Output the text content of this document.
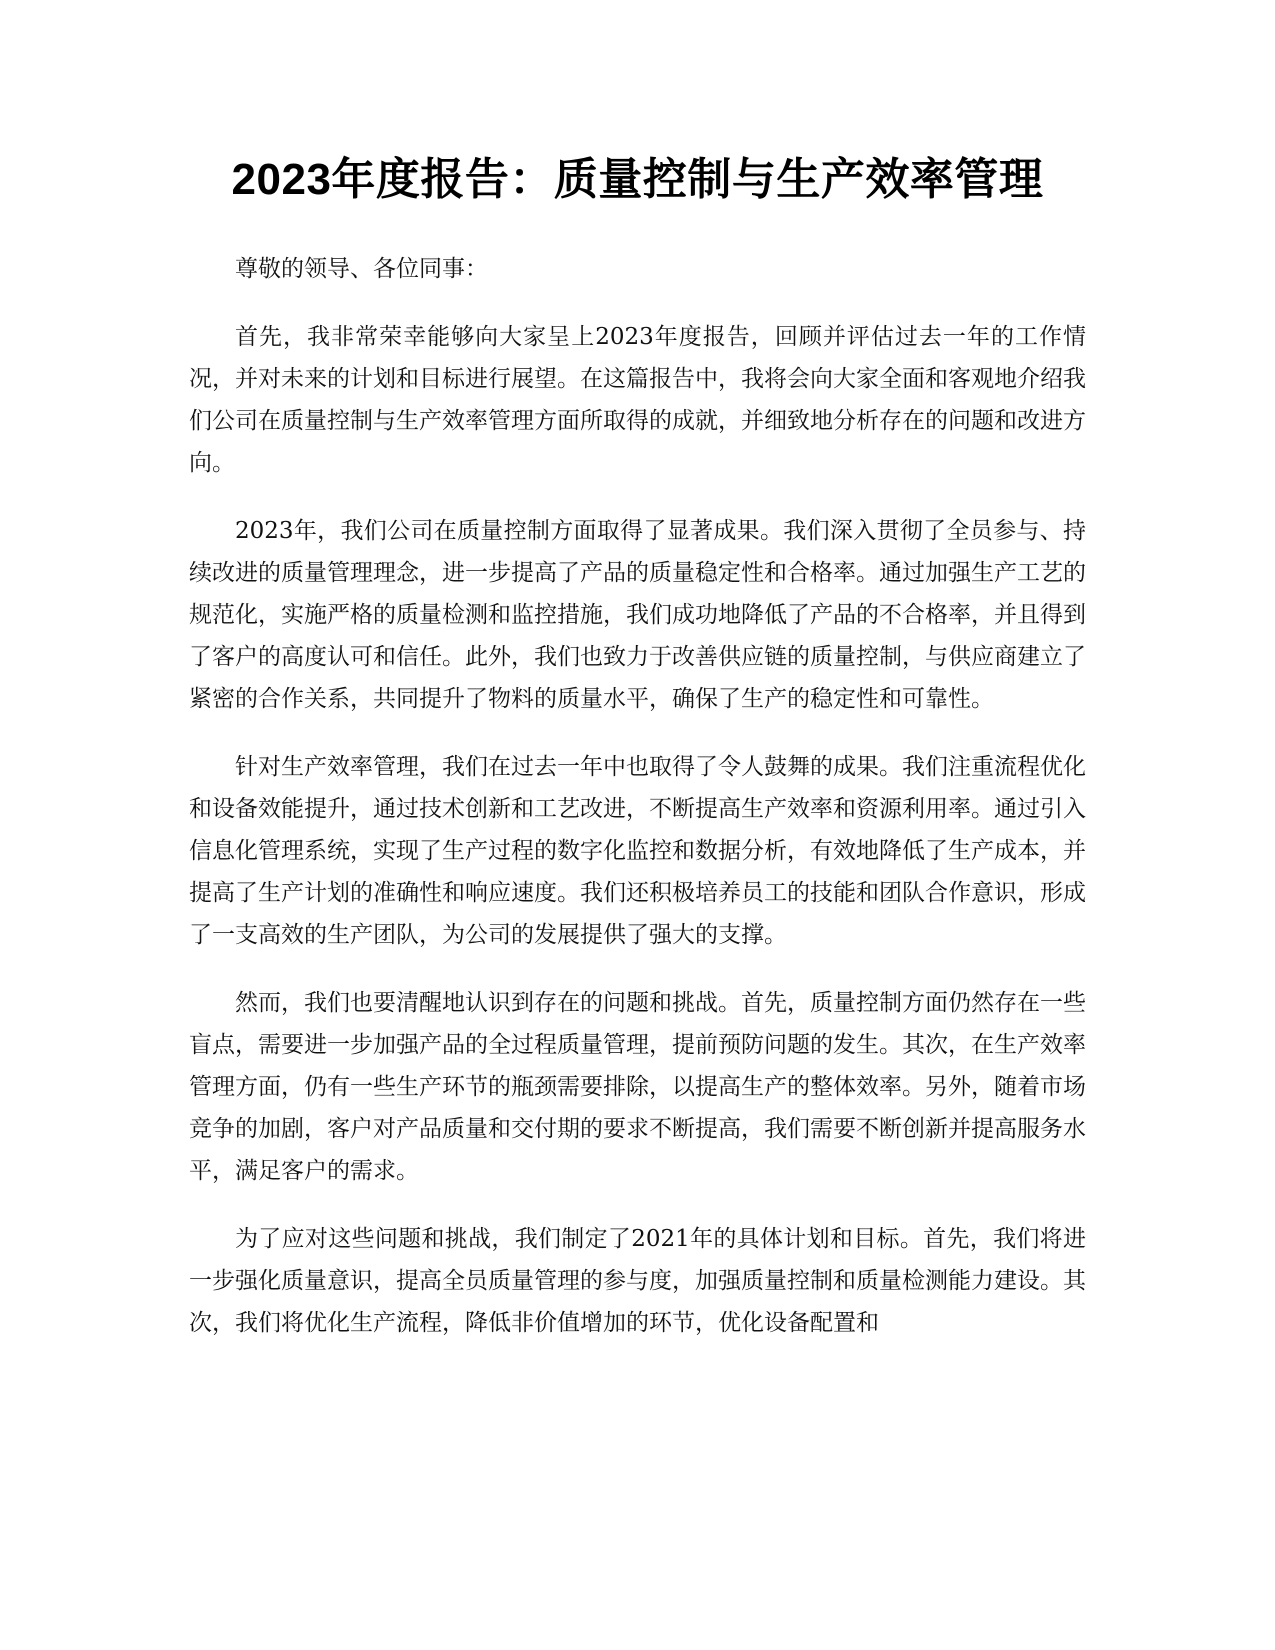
2023年度报告：质量控制与生产效率管理

尊敬的领导、各位同事：

首先，我非常荣幸能够向大家呈上2023年度报告，回顾并评估过去一年的工作情况，并对未来的计划和目标进行展望。在这篇报告中，我将会向大家全面和客观地介绍我们公司在质量控制与生产效率管理方面所取得的成就，并细致地分析存在的问题和改进方向。

2023年，我们公司在质量控制方面取得了显著成果。我们深入贯彻了全员参与、持续改进的质量管理理念，进一步提高了产品的质量稳定性和合格率。通过加强生产工艺的规范化，实施严格的质量检测和监控措施，我们成功地降低了产品的不合格率，并且得到了客户的高度认可和信任。此外，我们也致力于改善供应链的质量控制，与供应商建立了紧密的合作关系，共同提升了物料的质量水平，确保了生产的稳定性和可靠性。

针对生产效率管理，我们在过去一年中也取得了令人鼓舞的成果。我们注重流程优化和设备效能提升，通过技术创新和工艺改进，不断提高生产效率和资源利用率。通过引入信息化管理系统，实现了生产过程的数字化监控和数据分析，有效地降低了生产成本，并提高了生产计划的准确性和响应速度。我们还积极培养员工的技能和团队合作意识，形成了一支高效的生产团队，为公司的发展提供了强大的支撑。

然而，我们也要清醒地认识到存在的问题和挑战。首先，质量控制方面仍然存在一些盲点，需要进一步加强产品的全过程质量管理，提前预防问题的发生。其次，在生产效率管理方面，仍有一些生产环节的瓶颈需要排除，以提高生产的整体效率。另外，随着市场竞争的加剧，客户对产品质量和交付期的要求不断提高，我们需要不断创新并提高服务水平，满足客户的需求。

为了应对这些问题和挑战，我们制定了2021年的具体计划和目标。首先，我们将进一步强化质量意识，提高全员质量管理的参与度，加强质量控制和质量检测能力建设。其次，我们将优化生产流程，降低非价值增加的环节，优化设备配置和
